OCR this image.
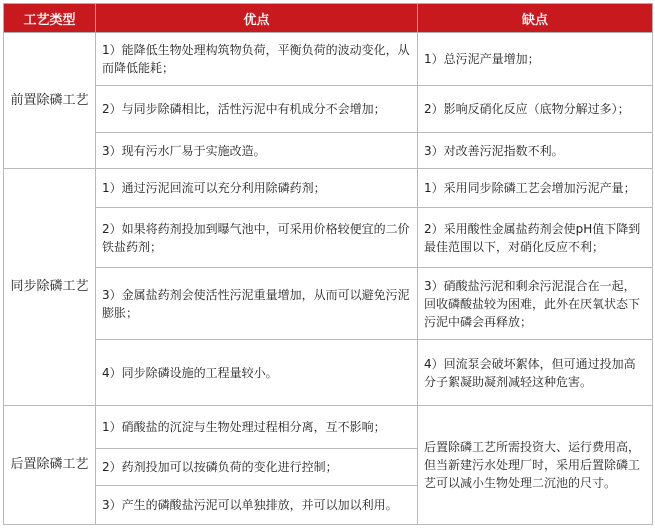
工艺类型	优点	缺点
前置除磷工艺	1）能降低生物处理构筑物负荷，平衡负荷的波动变化，从而降低能耗；	1）总污泥产量增加；
	2）与同步除磷相比，活性污泥中有机成分不会增加；	2）影响反硝化反应（底物分解过多）；
	3）现有污水厂易于实施改造。	3）对改善污泥指数不利。
同步除磷工艺	1）通过污泥回流可以充分利用除磷药剂；	1）采用同步除磷工艺会增加污泥产量；
	2）如果将药剂投加到曝气池中，可采用价格较便宜的二价铁盐药剂；	2）采用酸性金属盐药剂会使pH值下降到最佳范围以下，对硝化反应不利；
	3）金属盐药剂会使活性污泥重量增加，从而可以避免污泥膨胀；	3）硝酸盐污泥和剩余污泥混合在一起，回收磷酸盐较为困难，此外在厌氧状态下污泥中磷会再释放；
	4）同步除磷设施的工程量较小。	4）回流泵会破坏絮体，但可通过投加高分子絮凝助凝剂减轻这种危害。
后置除磷工艺	1）硝酸盐的沉淀与生物处理过程相分离，互不影响；	后置除磷工艺所需投资大、运行费用高，但当新建污水处理厂时，采用后置除磷工艺可以减小生物处理二沉池的尺寸。
	2）药剂投加可以按磷负荷的变化进行控制；	
	3）产生的磷酸盐污泥可以单独排放，并可以加以利用。	
